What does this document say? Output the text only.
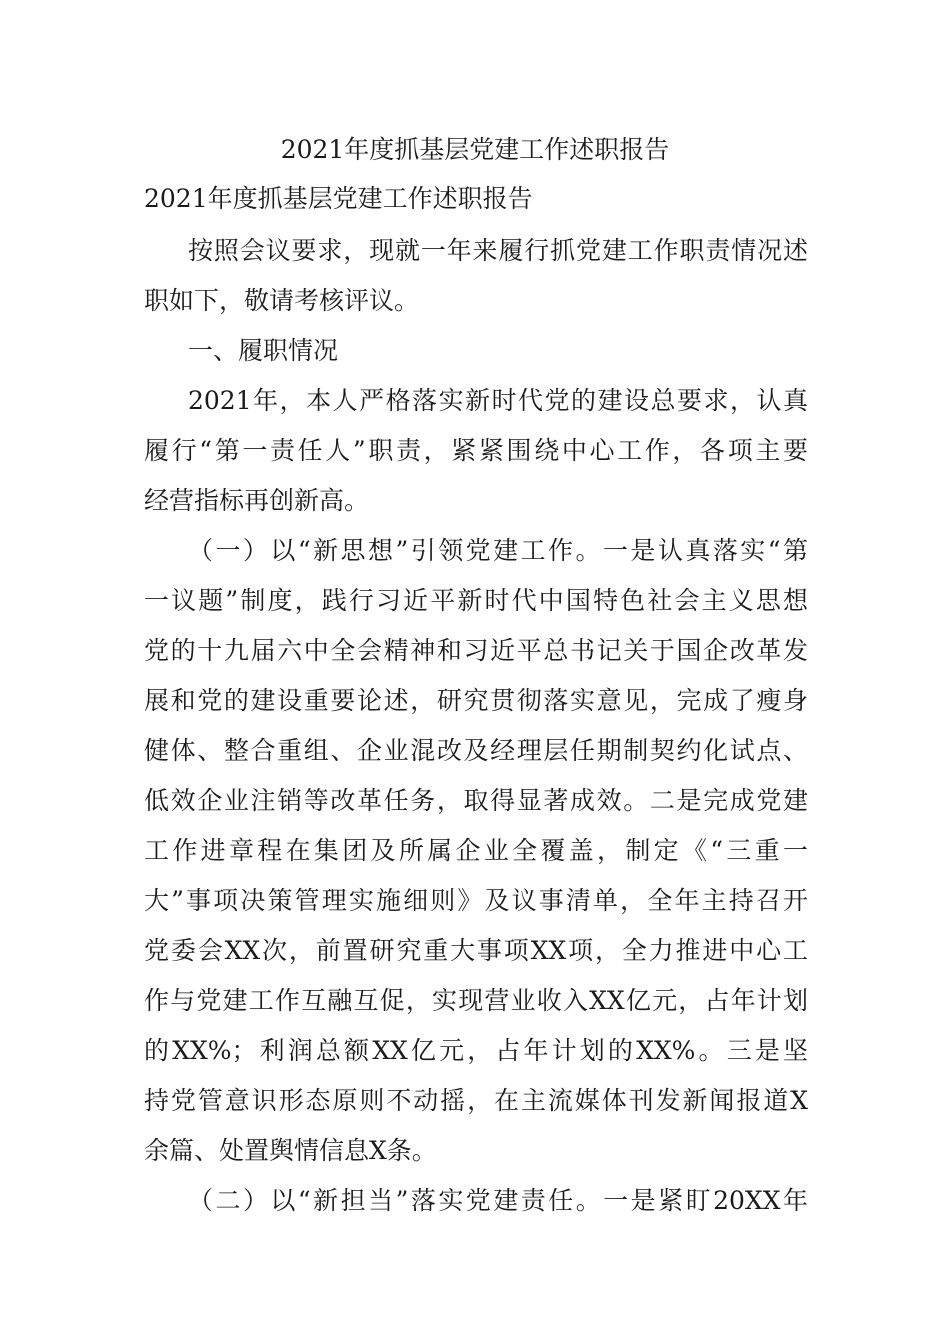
2021年度抓基层党建工作述职报告
2021年度抓基层党建工作述职报告
按照会议要求，现就一年来履行抓党建工作职责情况述
职如下，敬请考核评议。
一、履职情况
2021年，本人严格落实新时代党的建设总要求，认真
履行“第一责任人”职责，紧紧围绕中心工作，各项主要
经营指标再创新高。
（一）以“新思想”引领党建工作。一是认真落实“第
一议题”制度，践行习近平新时代中国特色社会主义思想
党的十九届六中全会精神和习近平总书记关于国企改革发
展和党的建设重要论述，研究贯彻落实意见，完成了瘦身
健体、整合重组、企业混改及经理层任期制契约化试点、
低效企业注销等改革任务，取得显著成效。二是完成党建
工作进章程在集团及所属企业全覆盖，制定《“三重一
大”事项决策管理实施细则》及议事清单，全年主持召开
党委会XX次，前置研究重大事项XX项，全力推进中心工
作与党建工作互融互促，实现营业收入XX亿元，占年计划
的XX%；利润总额XX亿元，占年计划的XX%。三是坚
持党管意识形态原则不动摇，在主流媒体刊发新闻报道X
余篇、处置舆情信息X条。
（二）以“新担当”落实党建责任。一是紧盯20XX年
